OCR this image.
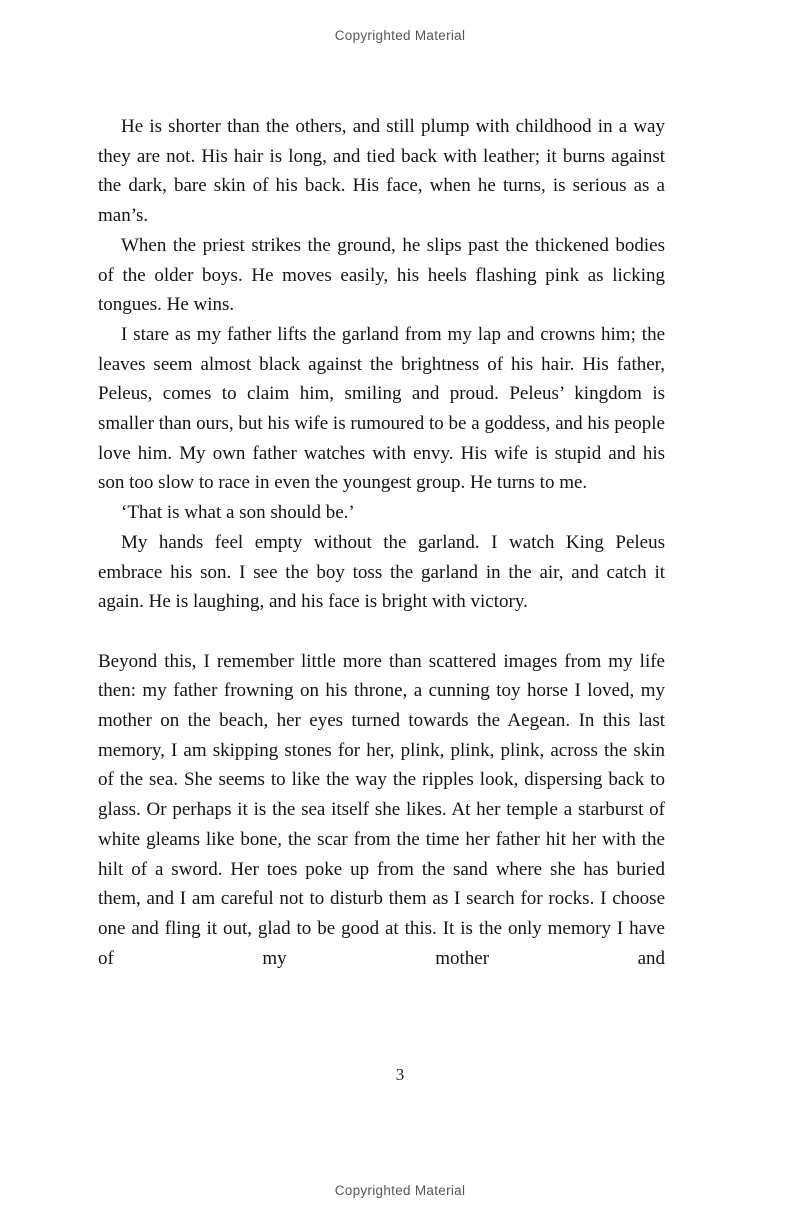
Copyrighted Material

He is shorter than the others, and still plump with childhood in a way they are not. His hair is long, and tied back with leather; it burns against the dark, bare skin of his back. His face, when he turns, is serious as a man’s.

When the priest strikes the ground, he slips past the thickened bodies of the older boys. He moves easily, his heels flashing pink as licking tongues. He wins.

I stare as my father lifts the garland from my lap and crowns him; the leaves seem almost black against the brightness of his hair. His father, Peleus, comes to claim him, smiling and proud. Peleus’ kingdom is smaller than ours, but his wife is rumoured to be a goddess, and his people love him. My own father watches with envy. His wife is stupid and his son too slow to race in even the youngest group. He turns to me.

‘That is what a son should be.’

My hands feel empty without the garland. I watch King Peleus embrace his son. I see the boy toss the garland in the air, and catch it again. He is laughing, and his face is bright with victory.

Beyond this, I remember little more than scattered images from my life then: my father frowning on his throne, a cunning toy horse I loved, my mother on the beach, her eyes turned towards the Aegean. In this last memory, I am skipping stones for her, plink, plink, plink, across the skin of the sea. She seems to like the way the ripples look, dispersing back to glass. Or perhaps it is the sea itself she likes. At her temple a starburst of white gleams like bone, the scar from the time her father hit her with the hilt of a sword. Her toes poke up from the sand where she has buried them, and I am careful not to disturb them as I search for rocks. I choose one and fling it out, glad to be good at this. It is the only memory I have of my mother and

3
Copyrighted Material
